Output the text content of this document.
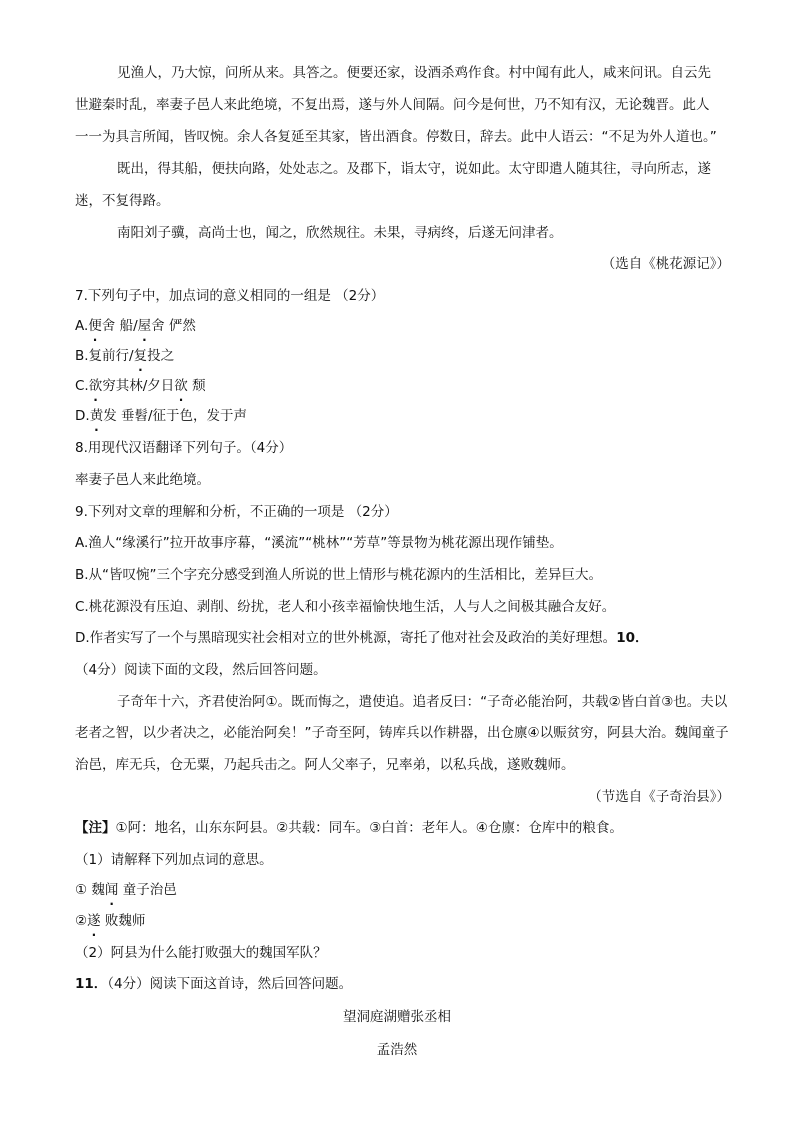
见渔人，乃大惊，问所从来。具答之。便要还家，设酒杀鸡作食。村中闻有此人，咸来问讯。自云先
世避秦时乱，率妻子邑人来此绝境，不复出焉，遂与外人间隔。问今是何世，乃不知有汉，无论魏晋。此人
一一为具言所闻，皆叹惋。余人各复延至其家，皆出酒食。停数日，辞去。此中人语云：“不足为外人道也。”
既出，得其船，便扶向路，处处志之。及郡下，诣太守，说如此。太守即遣人随其往，寻向所志，遂
迷，不复得路。
南阳刘子骥，高尚士也，闻之，欣然规往。未果，寻病终，后遂无问津者。
（选自《桃花源记》）
7.下列句子中，加点词的意义相同的一组是 （2分）
A.便舍 船/屋舍 俨然
B.复前行/复投之
C.欲穷其林/夕日欲 颓
D.黄发 垂髫/征于色，发于声
8.用现代汉语翻译下列句子。（4分）
率妻子邑人来此绝境。
9.下列对文章的理解和分析，不正确的一项是 （2分）
A.渔人“缘溪行”拉开故事序幕，“溪流”“桃林”“芳草”等景物为桃花源出现作铺垫。
B.从“皆叹惋”三个字充分感受到渔人所说的世上情形与桃花源内的生活相比，差异巨大。
C.桃花源没有压迫、剥削、纷扰，老人和小孩幸福愉快地生活，人与人之间极其融合友好。
D.作者实写了一个与黑暗现实社会相对立的世外桃源，寄托了他对社会及政治的美好理想。10．
（4分）阅读下面的文段，然后回答问题。
子奇年十六，齐君使治阿①。既而悔之，遣使追。追者反曰：“子奇必能治阿，共载②皆白首③也。夫以
老者之智，以少者决之，必能治阿矣！”子奇至阿，铸库兵以作耕器，出仓廪④以赈贫穷，阿县大治。魏闻童子
治邑，库无兵，仓无粟，乃起兵击之。阿人父率子，兄率弟，以私兵战，遂败魏师。
（节选自《子奇治县》）
【注】①阿：地名，山东东阿县。②共载：同车。③白首：老年人。④仓廪：仓库中的粮食。
（1）请解释下列加点词的意思。
① 魏闻 童子治邑
②遂 败魏师
（2）阿县为什么能打败强大的魏国军队？
11．（4分）阅读下面这首诗，然后回答问题。
望洞庭湖赠张丞相
孟浩然
